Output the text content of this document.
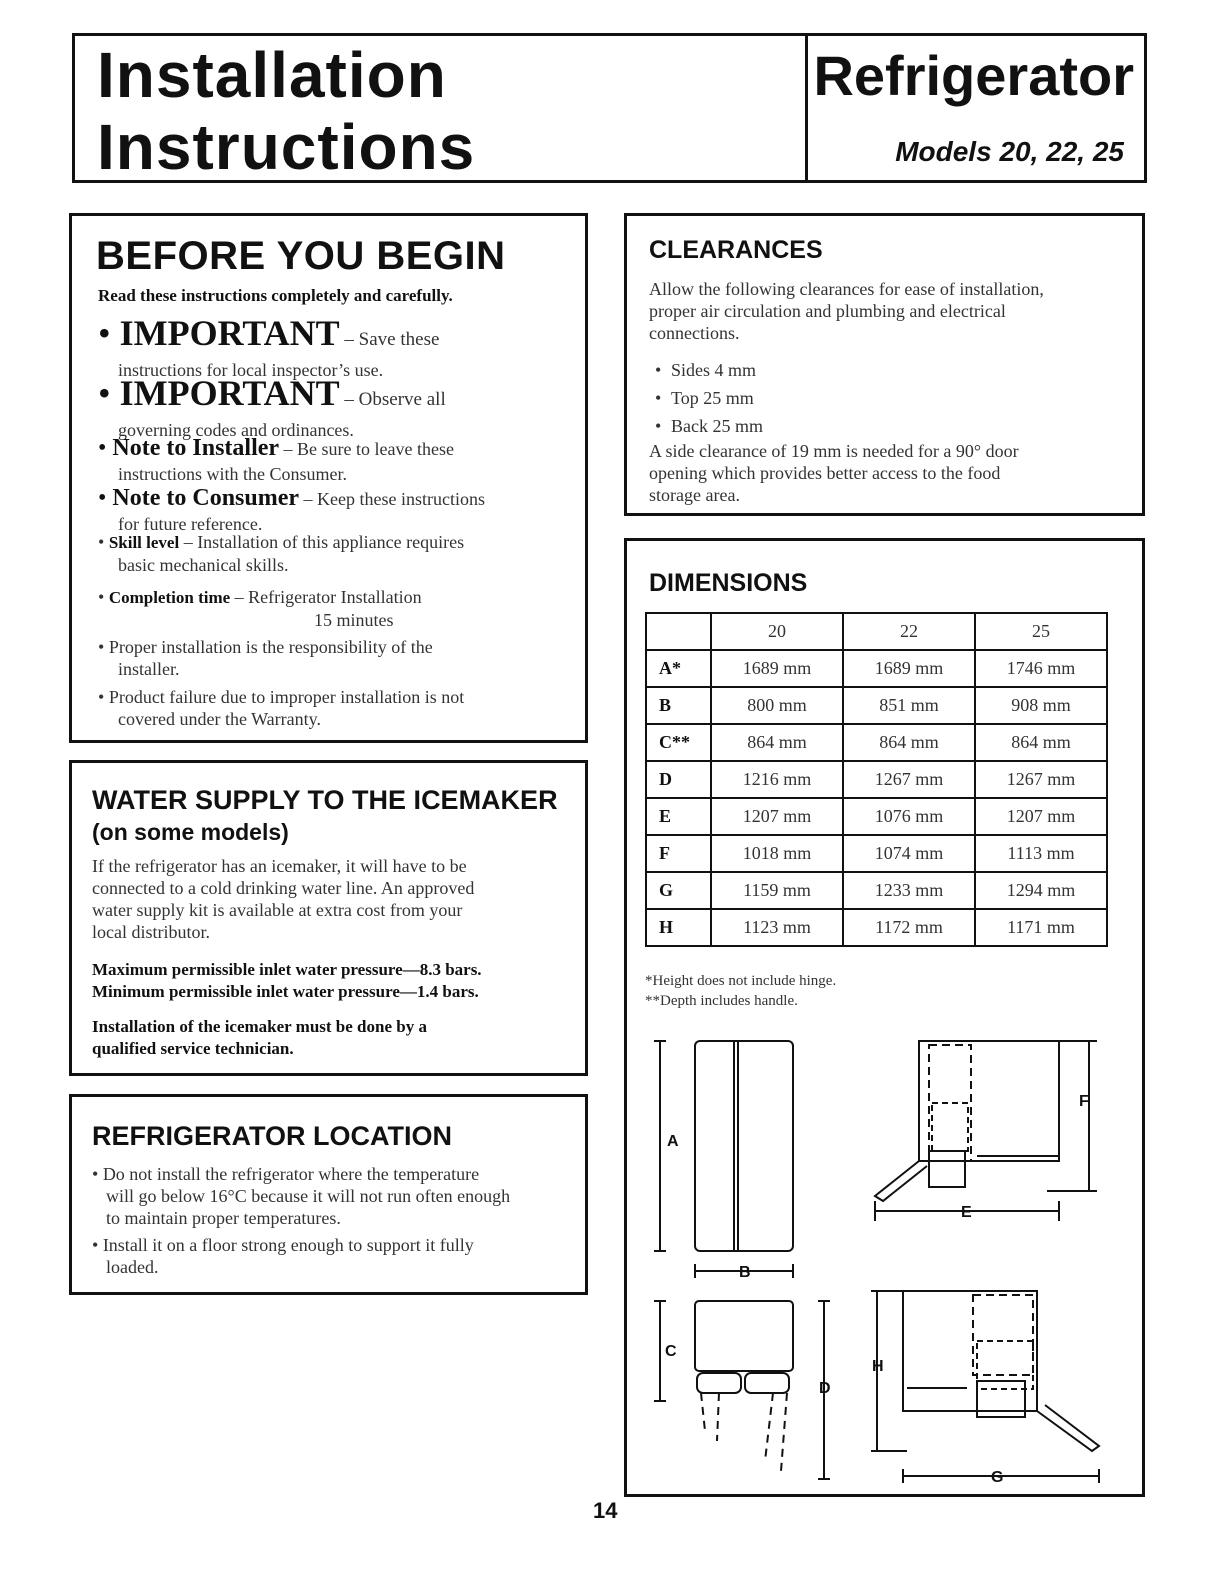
Installation
Instructions
Refrigerator
Models 20, 22, 25
BEFORE YOU BEGIN
Read these instructions completely and carefully.
• IMPORTANT – Save these
instructions for local inspector’s use.
• IMPORTANT – Observe all
governing codes and ordinances.
• Note to Installer – Be sure to leave these
instructions with the Consumer.
• Note to Consumer – Keep these instructions
for future reference.
• Skill level – Installation of this appliance requires
basic mechanical skills.
• Completion time – Refrigerator Installation
15 minutes
• Proper installation is the responsibility of the
installer.
• Product failure due to improper installation is not
covered under the Warranty.
WATER SUPPLY TO THE ICEMAKER
(on some models)
If the refrigerator has an icemaker, it will have to be
connected to a cold drinking water line. An approved
water supply kit is available at extra cost from your
local distributor.
Maximum permissible inlet water pressure—8.3 bars.
Minimum permissible inlet water pressure—1.4 bars.
Installation of the icemaker must be done by a
qualified service technician.
REFRIGERATOR LOCATION
• Do not install the refrigerator where the temperature
will go below 16°C because it will not run often enough
to maintain proper temperatures.
• Install it on a floor strong enough to support it fully
loaded.
CLEARANCES
Allow the following clearances for ease of installation,
proper air circulation and plumbing and electrical
connections.
• Sides 4 mm
• Top 25 mm
• Back 25 mm
A side clearance of 19 mm is needed for a 90° door
opening which provides better access to the food
storage area.
DIMENSIONS
	20	22	25
A*	1689 mm	1689 mm	1746 mm
B	800 mm	851 mm	908 mm
C**	864 mm	864 mm	864 mm
D	1216 mm	1267 mm	1267 mm
E	1207 mm	1076 mm	1207 mm
F	1018 mm	1074 mm	1113 mm
G	1159 mm	1233 mm	1294 mm
H	1123 mm	1172 mm	1171 mm
*Height does not include hinge.
**Depth includes handle.
A
B
C
D
E
F
G
H
14
